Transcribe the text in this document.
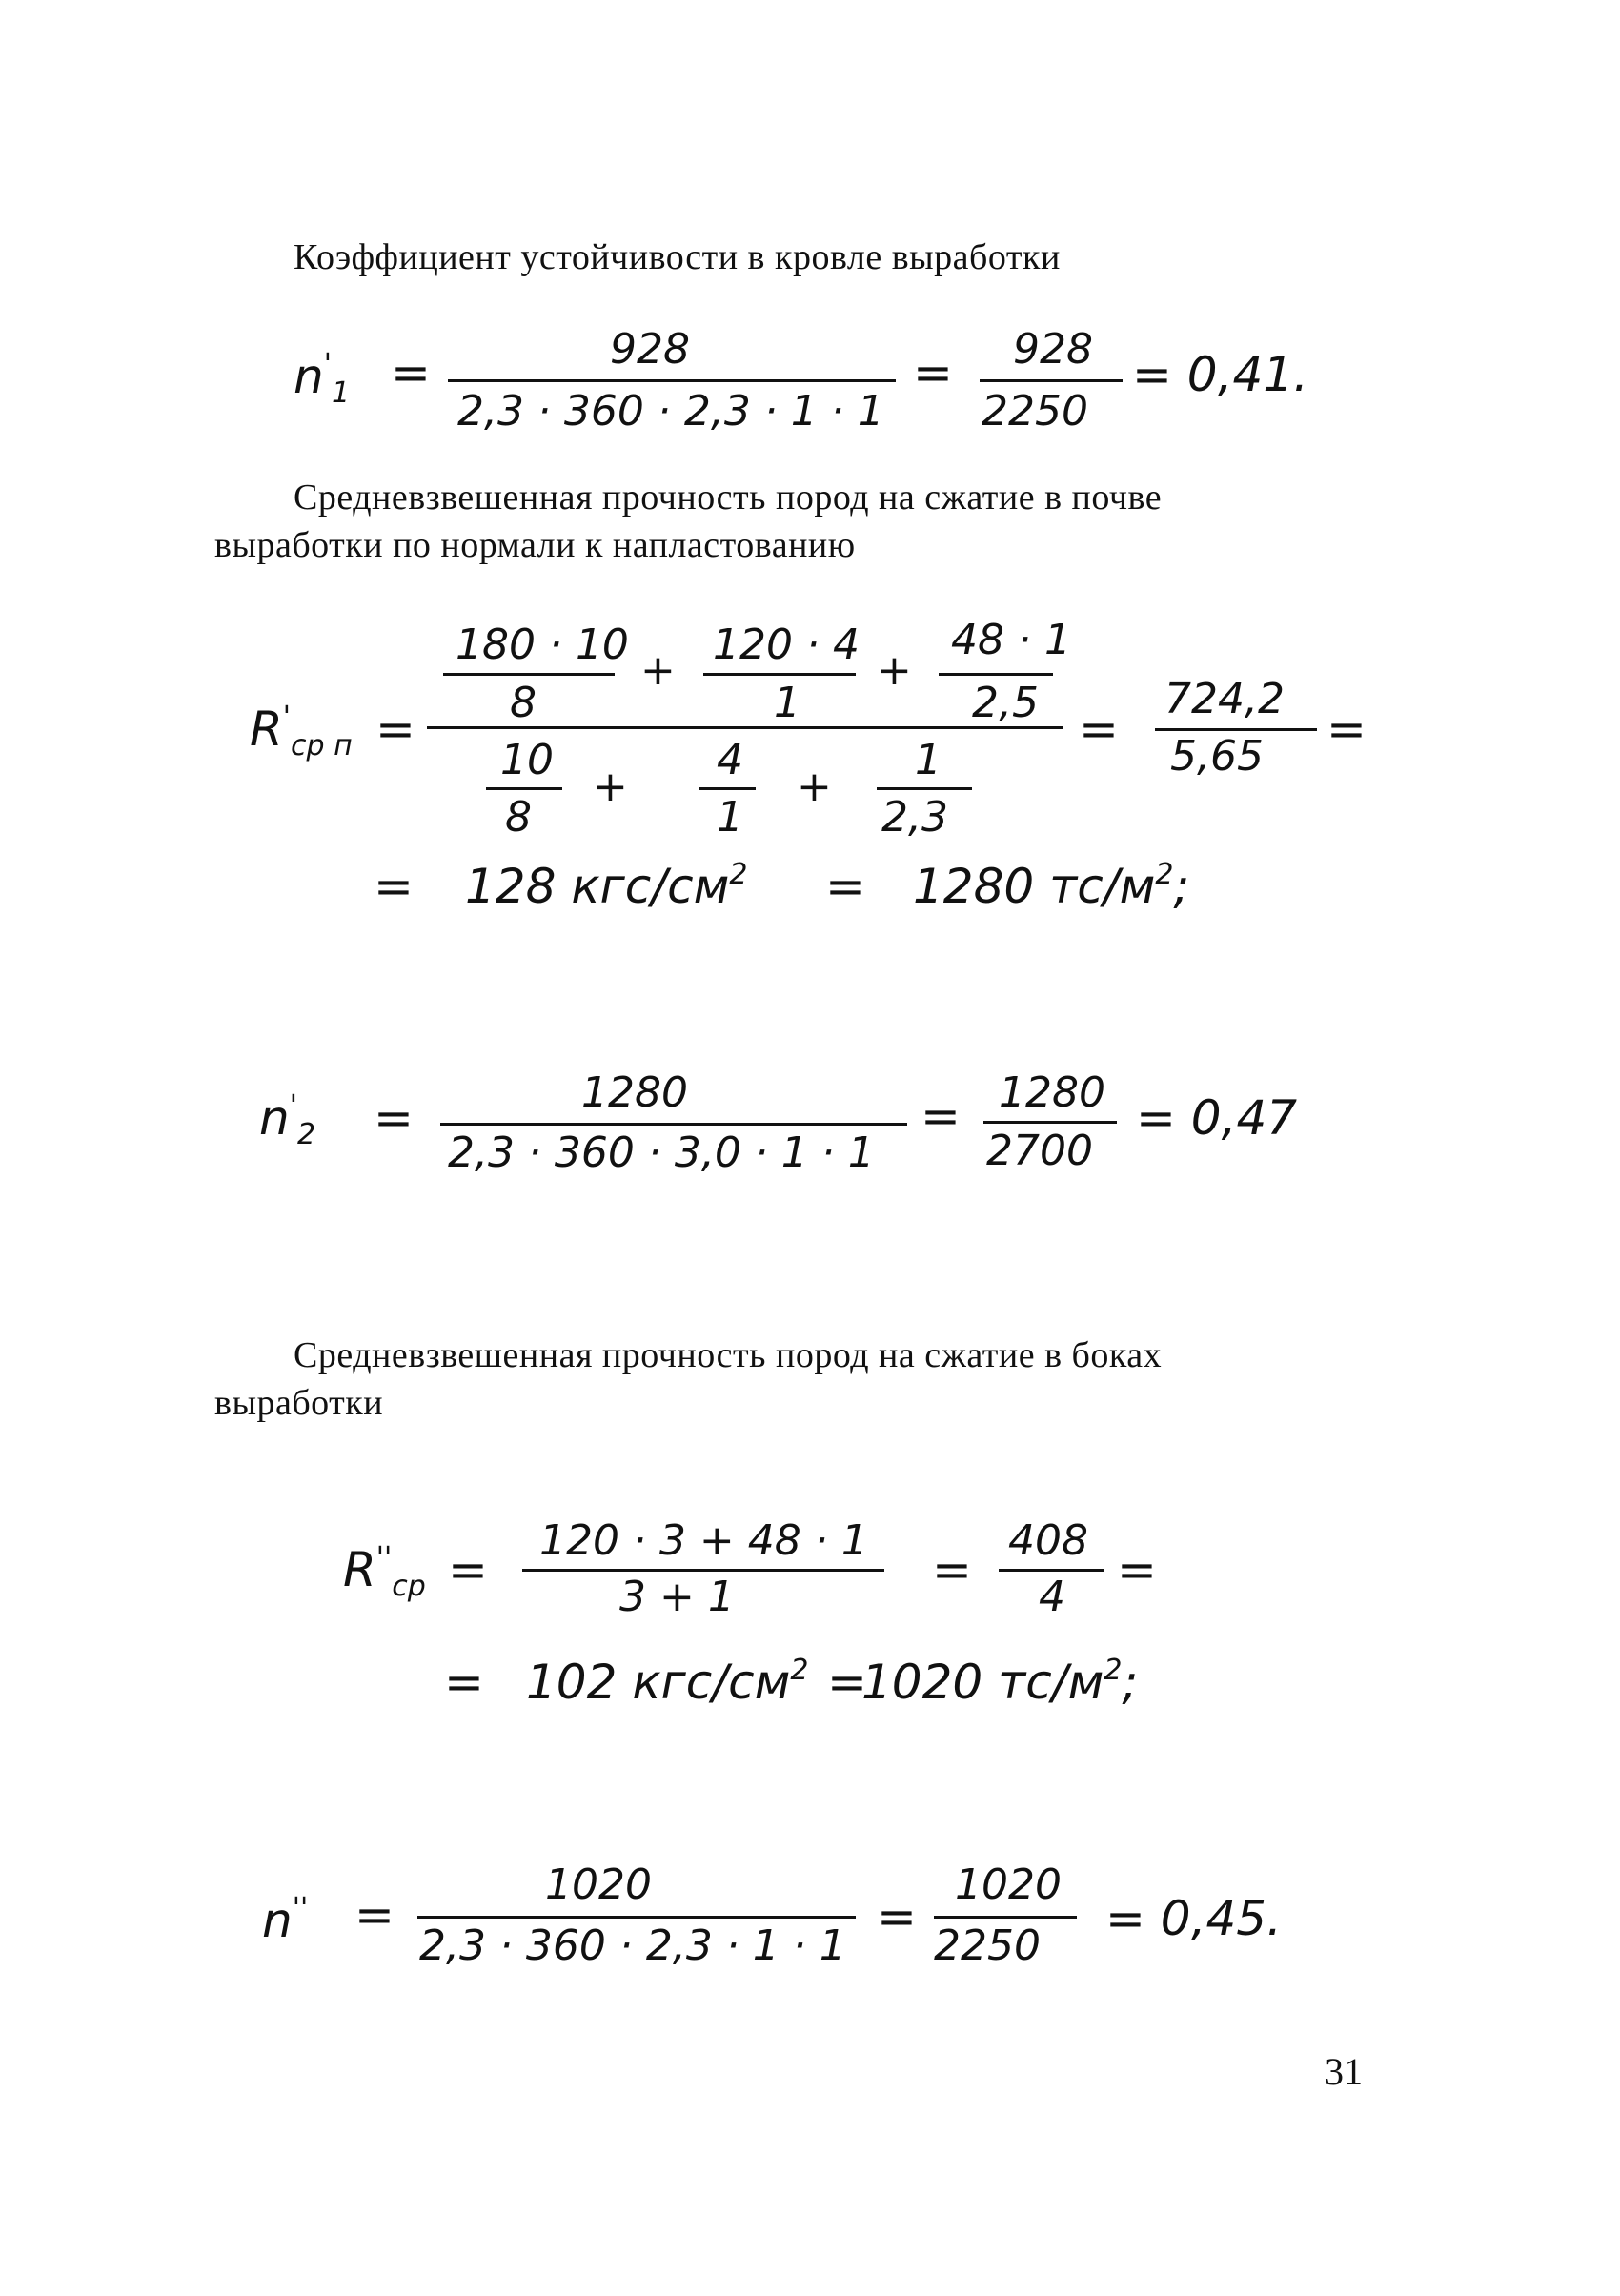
Коэффициент устойчивости в кровле выработки

$n'_1$ =	928
2,3 · 360 · 2,3 · 1 · 1
= 928
2250
= 0,41.

Средневзвешенная прочность пород на сжатие в почве

выработки по нормали к напластованию

$R'_{ср п}$ =
180 · 10
8
+
120 · 4
1
+
48 · 1
2,5
10
8
+
4
1
+
1
2,3
=
724,2
5,65 =
= 128 кгс/$см^2 = 1280$ $тс/м^2$;
$n'_2$ =	1280
2,3 · 360 · 3,0 · 1 · 1
= 1280
2700
= 0,47

Средневзвешенная прочность пород на сжатие в боках

выработки

$R''_{ср}$ =
120 · 3 + 48 · 1
3 + 1	=
408
4 =
= 102 кгс/$см^2$ =
1020 $тс/м^2$;
n'' =
1020
2,3 · 360 · 2,3 · 1 · 1
=
1020
2250 = 0,45.
31
